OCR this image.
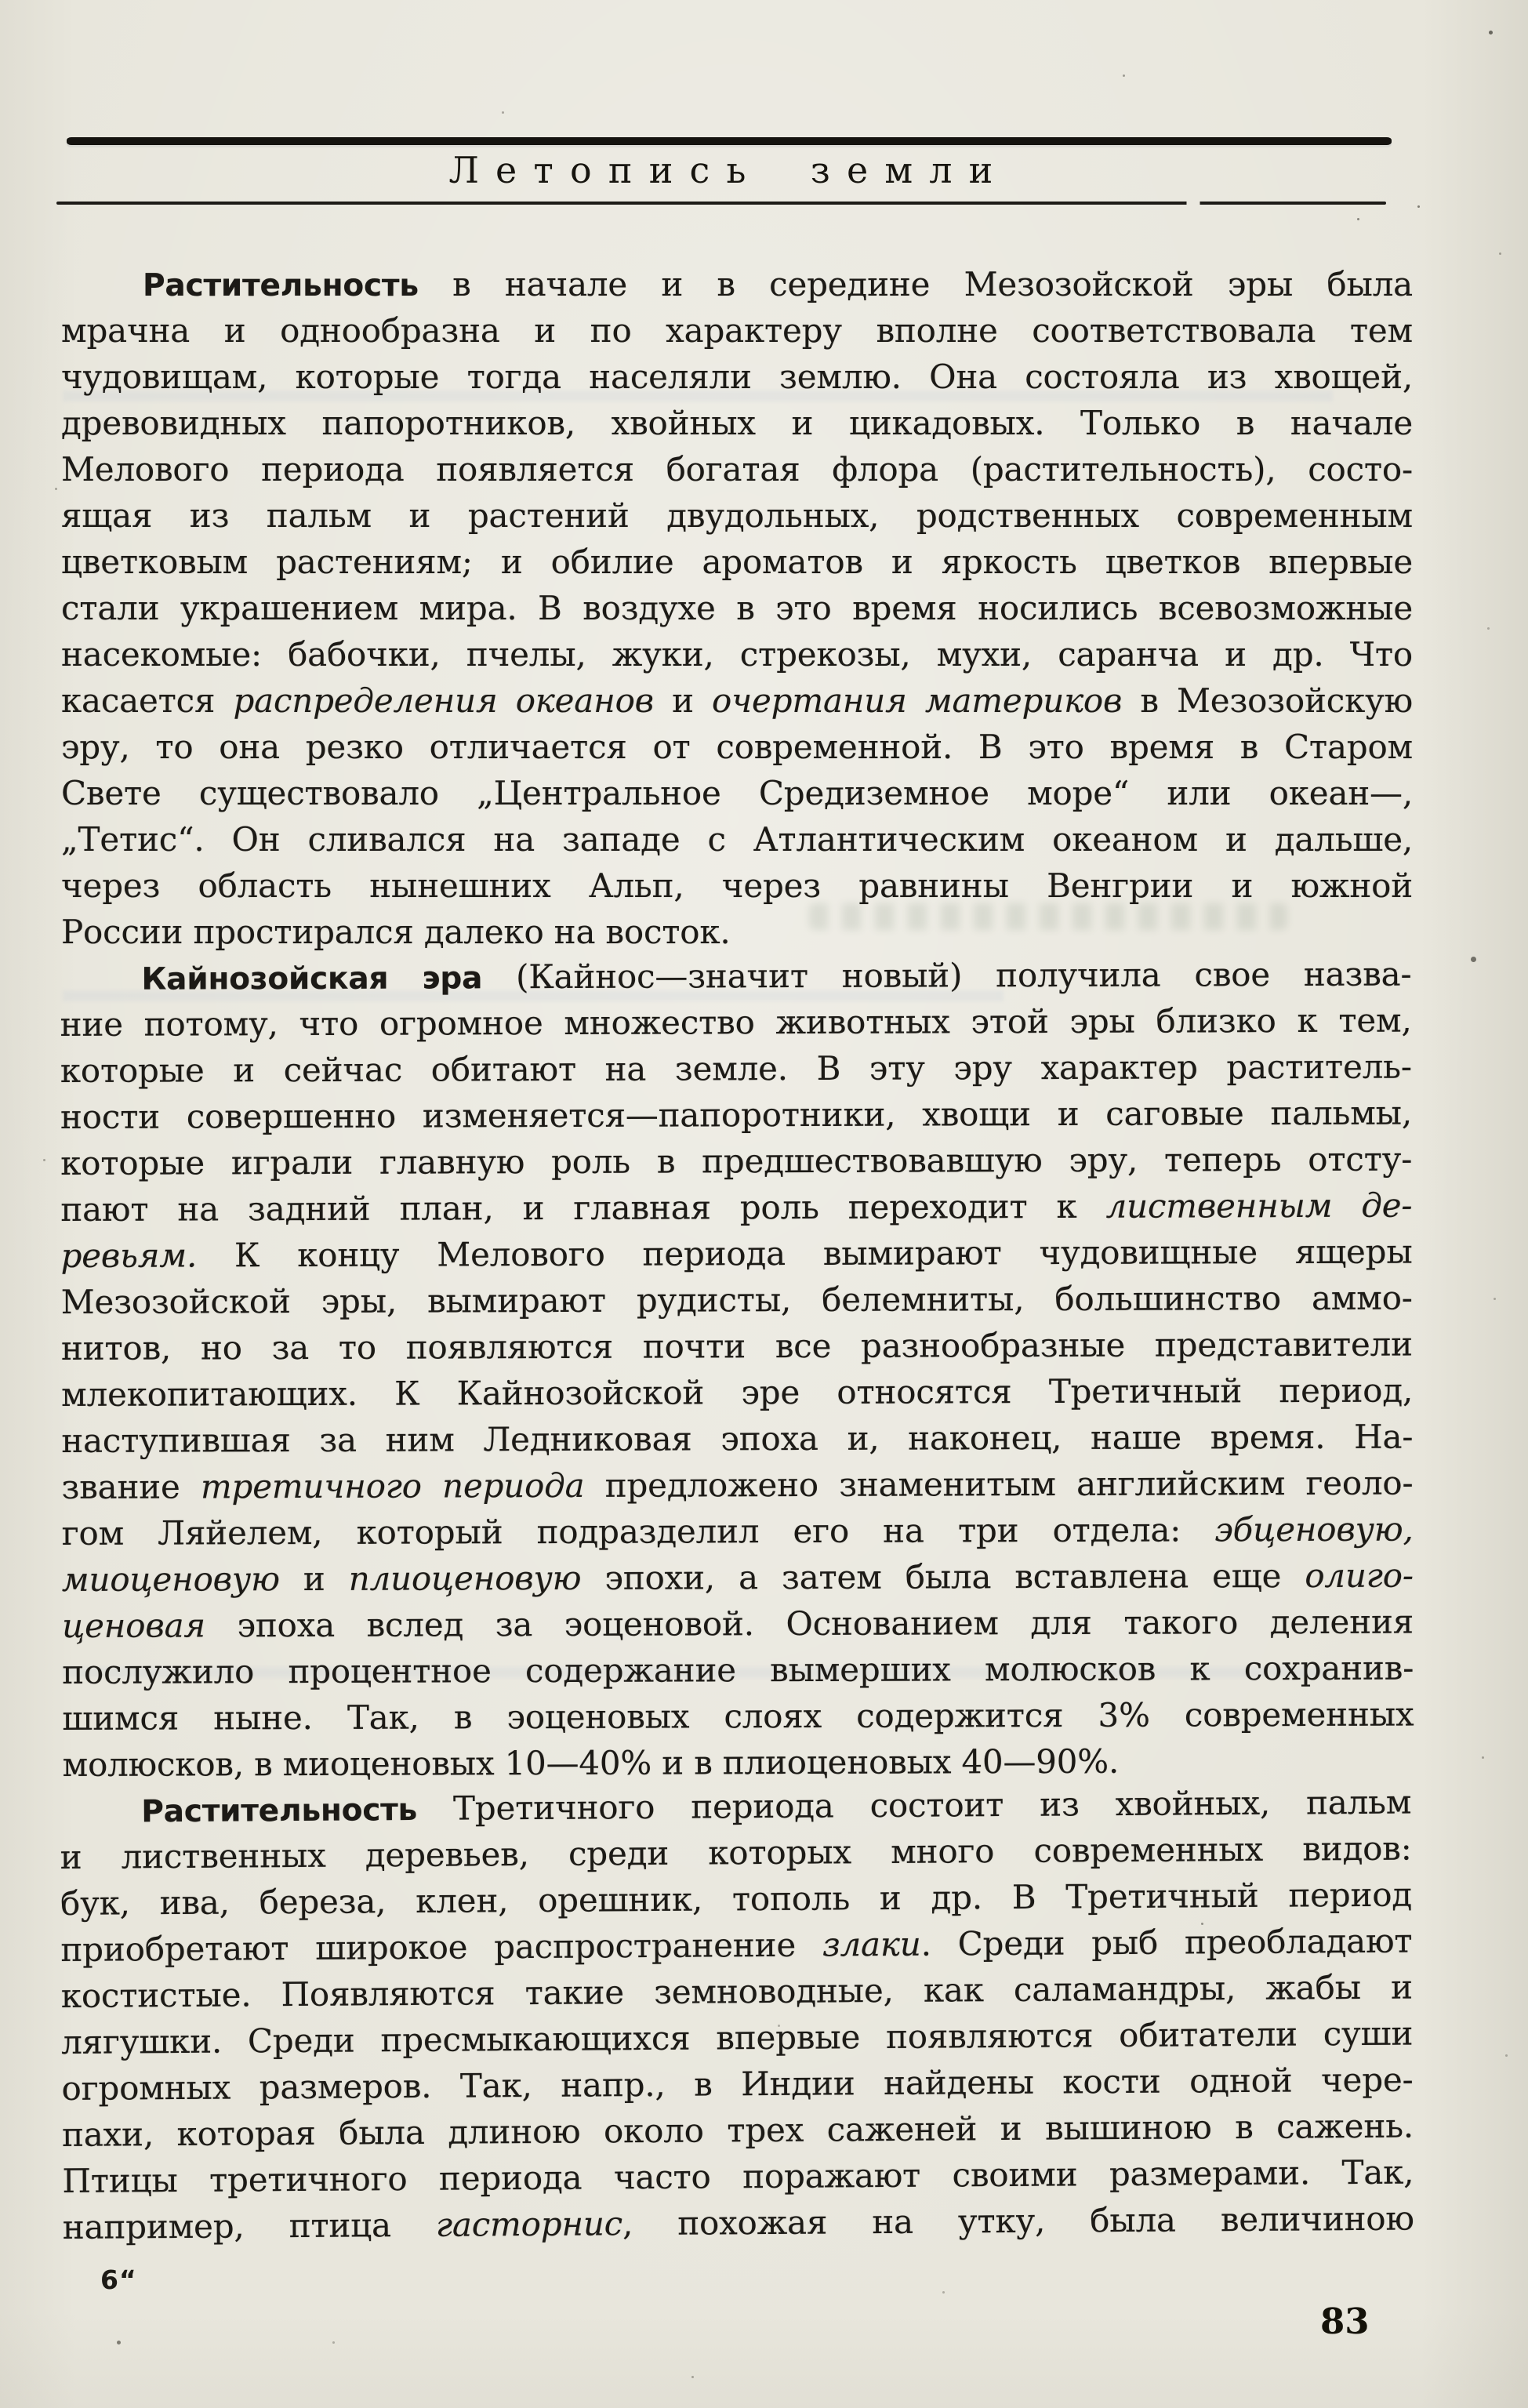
Летопись земли
Растительность в начале и в середине Мезозойской эры была
мрачна и однообразна и по характеру вполне соответствовала тем
чудовищам, которые тогда населяли землю. Она состояла из хвощей,
древовидных папоротников, хвойных и цикадовых. Только в начале
Мелового периода появляется богатая флора (растительность), состо-
ящая из пальм и растений двудольных, родственных современным
цветковым растениям; и обилие ароматов и яркость цветков впервые
стали украшением мира. В воздухе в это время носились всевозможные
насекомые: бабочки, пчелы, жуки, стрекозы, мухи, саранча и др. Что
касается распределения океанов и очертания материков в Мезозойскую
эру, то она резко отличается от современной. В это время в Старом
Свете существовало „Центральное Средиземное море“ или океан—,
„Тетис“. Он сливался на западе с Атлантическим океаном и дальше,
через область нынешних Альп, через равнины Венгрии и южной
России простирался далеко на восток.
Кайнозойская эра (Кайнос—значит новый) получила свое назва-
ние потому, что огромное множество животных этой эры близко к тем,
которые и сейчас обитают на земле. В эту эру характер раститель-
ности совершенно изменяется—папоротники, хвощи и саговые пальмы,
которые играли главную роль в предшествовавшую эру, теперь отсту-
пают на задний план, и главная роль переходит к лиственным де-
ревьям. К концу Мелового периода вымирают чудовищные ящеры
Мезозойской эры, вымирают рудисты, белемниты, большинство аммо-
нитов, но за то появляются почти все разнообразные представители
млекопитающих. К Кайнозойской эре относятся Третичный период,
наступившая за ним Ледниковая эпоха и, наконец, наше время. На-
звание третичного периода предложено знаменитым английским геоло-
гом Ляйелем, который подразделил его на три отдела: эбценовую,
миоценовую и плиоценовую эпохи, а затем была вставлена еще олиго-
ценовая эпоха вслед за эоценовой. Основанием для такого деления
послужило процентное содержание вымерших молюсков к сохранив-
шимся ныне. Так, в эоценовых слоях содержится 3% современных
молюсков, в миоценовых 10—40% и в плиоценовых 40—90%.
Растительность Третичного периода состоит из хвойных, пальм
и лиственных деревьев, среди которых много современных видов:
бук, ива, береза, клен, орешник, тополь и др. В Третичный период
приобретают широкое распространение злаки. Среди рыб преобладают
костистые. Появляются такие земноводные, как саламандры, жабы и
лягушки. Среди пресмыкающихся впервые появляются обитатели суши
огромных размеров. Так, напр., в Индии найдены кости одной чере-
пахи, которая была длиною около трех саженей и вышиною в сажень.
Птицы третичного периода часто поражают своими размерами. Так,
например, птица гасторнис, похожая на утку, была величиною
6“
83
